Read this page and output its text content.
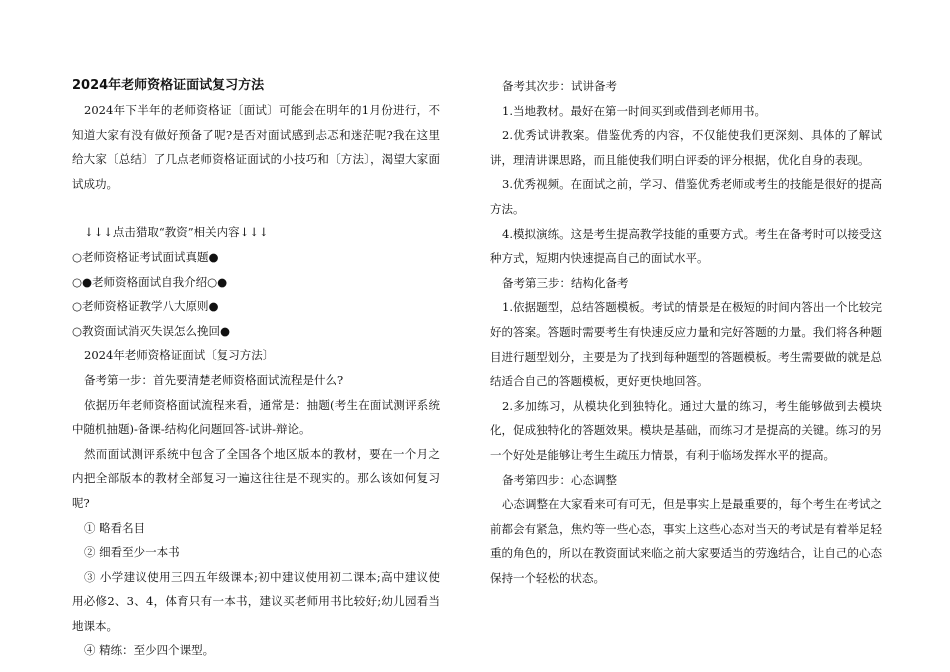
2024年老师资格证面试复习方法

2024年下半年的老师资格证〔面试〕可能会在明年的1月份进行，不知道大家有没有做好预备了呢?是否对面试感到忐忑和迷茫呢?我在这里给大家〔总结〕了几点老师资格证面试的小技巧和〔方法〕，渴望大家面试成功。

↓↓↓点击猎取“教资”相关内容↓↓↓

○老师资格证考试面试真题●

○●老师资格面试自我介绍○●

○老师资格证教学八大原则●

○教资面试消灭失误怎么挽回●

2024年老师资格证面试〔复习方法〕

备考第一步：首先要清楚老师资格面试流程是什么?

依据历年老师资格面试流程来看，通常是：抽题(考生在面试测评系统中随机抽题)-备课-结构化问题回答-试讲-辩论。

然而面试测评系统中包含了全国各个地区版本的教材，要在一个月之内把全部版本的教材全部复习一遍这往往是不现实的。那么该如何复习呢?

① 略看名目

② 细看至少一本书

③ 小学建议使用三四五年级课本;初中建议使用初二课本;高中建议使用必修2、3、4，体育只有一本书，建议买老师用书比较好;幼儿园看当地课本。

④ 精练：至少四个课型。

备考其次步：试讲备考

1.当地教材。最好在第一时间买到或借到老师用书。

2.优秀试讲教案。借鉴优秀的内容，不仅能使我们更深刻、具体的了解试讲，理清讲课思路，而且能使我们明白评委的评分根据，优化自身的表现。

3.优秀视频。在面试之前，学习、借鉴优秀老师或考生的技能是很好的提高方法。

4.模拟演练。这是考生提高教学技能的重要方式。考生在备考时可以接受这种方式，短期内快速提高自己的面试水平。

备考第三步：结构化备考

1.依据题型，总结答题模板。考试的情景是在极短的时间内答出一个比较完好的答案。答题时需要考生有快速反应力量和完好答题的力量。我们将各种题目进行题型划分，主要是为了找到每种题型的答题模板。考生需要做的就是总结适合自己的答题模板，更好更快地回答。

2.多加练习，从模块化到独特化。通过大量的练习，考生能够做到去模块化，促成独特化的答题效果。模块是基础，而练习才是提高的关键。练习的另一个好处是能够让考生生疏压力情景，有利于临场发挥水平的提高。

备考第四步：心态调整

心态调整在大家看来可有可无，但是事实上是最重要的，每个考生在考试之前都会有紧急，焦灼等一些心态，事实上这些心态对当天的考试是有着举足轻重的角色的，所以在教资面试来临之前大家要适当的劳逸结合，让自己的心态保持一个轻松的状态。
